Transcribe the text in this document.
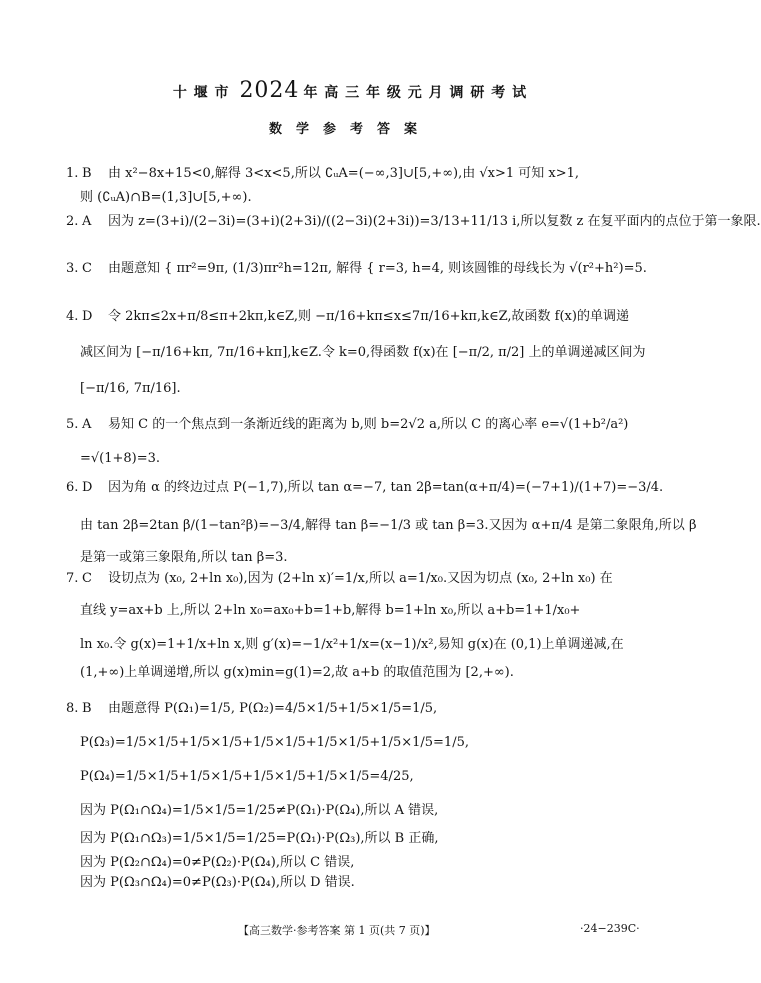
十 堰 市 2024 年 高 三 年 级 元 月 调 研 考 试
数学参考答案
1. B 由 x²−8x+15<0,解得 3<x<5,所以 ∁ᵤA=(−∞,3]∪[5,+∞),由 √x>1 可知 x>1,
则 (∁ᵤA)∩B=(1,3]∪[5,+∞).
2. A 因为 z=(3+i)/(2−3i)=(3+i)(2+3i)/((2−3i)(2+3i))=3/13+11/13 i,所以复数 z 在复平面内的点位于第一象限.
3. C 由题意知 { πr²=9π, (1/3)πr²h=12π, 解得 { r=3, h=4, 则该圆锥的母线长为 √(r²+h²)=5.
4. D 令 2kπ≤2x+π/8≤π+2kπ,k∈Z,则 −π/16+kπ≤x≤7π/16+kπ,k∈Z,故函数 f(x)的单调递
减区间为 [−π/16+kπ, 7π/16+kπ],k∈Z.令 k=0,得函数 f(x)在 [−π/2, π/2] 上的单调递减区间为
[−π/16, 7π/16].
5. A 易知 C 的一个焦点到一条渐近线的距离为 b,则 b=2√2 a,所以 C 的离心率 e=√(1+b²/a²)
=√(1+8)=3.
6. D 因为角 α 的终边过点 P(−1,7),所以 tan α=−7, tan 2β=tan(α+π/4)=(−7+1)/(1+7)=−3/4.
由 tan 2β=2tan β/(1−tan²β)=−3/4,解得 tan β=−1/3 或 tan β=3.又因为 α+π/4 是第二象限角,所以 β
是第一或第三象限角,所以 tan β=3.
7. C 设切点为 (x₀, 2+ln x₀),因为 (2+ln x)′=1/x,所以 a=1/x₀.又因为切点 (x₀, 2+ln x₀) 在
直线 y=ax+b 上,所以 2+ln x₀=ax₀+b=1+b,解得 b=1+ln x₀,所以 a+b=1+1/x₀+
ln x₀.令 g(x)=1+1/x+ln x,则 g′(x)=−1/x²+1/x=(x−1)/x²,易知 g(x)在 (0,1)上单调递减,在
(1,+∞)上单调递增,所以 g(x)min=g(1)=2,故 a+b 的取值范围为 [2,+∞).
8. B 由题意得 P(Ω₁)=1/5, P(Ω₂)=4/5×1/5+1/5×1/5=1/5,
P(Ω₃)=1/5×1/5+1/5×1/5+1/5×1/5+1/5×1/5+1/5×1/5=1/5,
P(Ω₄)=1/5×1/5+1/5×1/5+1/5×1/5+1/5×1/5=4/25,
因为 P(Ω₁∩Ω₄)=1/5×1/5=1/25≠P(Ω₁)·P(Ω₄),所以 A 错误,
因为 P(Ω₁∩Ω₃)=1/5×1/5=1/25=P(Ω₁)·P(Ω₃),所以 B 正确,
因为 P(Ω₂∩Ω₄)=0≠P(Ω₂)·P(Ω₄),所以 C 错误,
因为 P(Ω₃∩Ω₄)=0≠P(Ω₃)·P(Ω₄),所以 D 错误.
【高三数学·参考答案 第 1 页(共 7 页)】	·24−239C·
